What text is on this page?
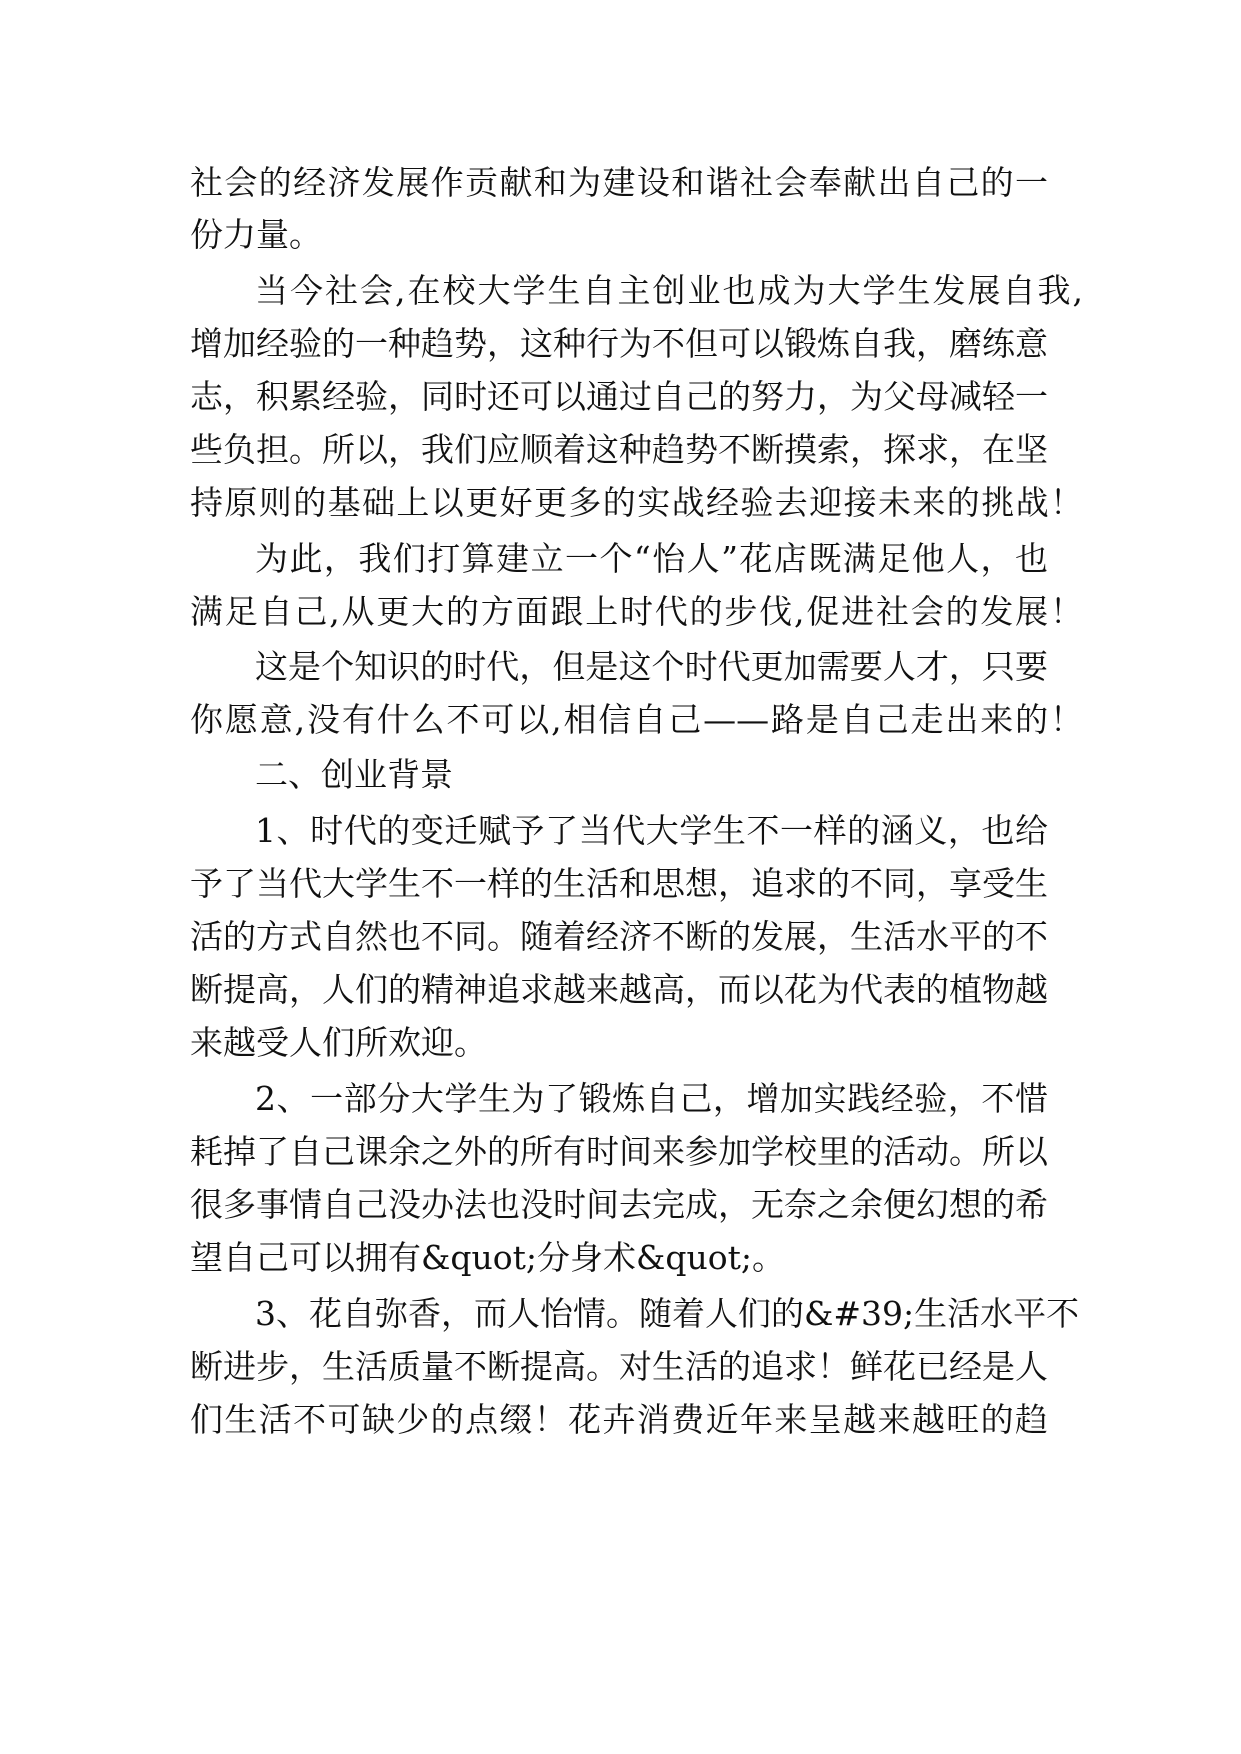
社会的经济发展作贡献和为建设和谐社会奉献出自己的一
份力量。
当今社会,在校大学生自主创业也成为大学生发展自我,
增加经验的一种趋势，这种行为不但可以锻炼自我，磨练意
志，积累经验，同时还可以通过自己的努力，为父母减轻一
些负担。所以，我们应顺着这种趋势不断摸索，探求，在坚
持原则的基础上以更好更多的实战经验去迎接未来的挑战！
为此，我们打算建立一个“怡人”花店既满足他人，也
满足自己,从更大的方面跟上时代的步伐,促进社会的发展！
这是个知识的时代，但是这个时代更加需要人才，只要
你愿意,没有什么不可以,相信自己——路是自己走出来的！
二、创业背景
1、时代的变迁赋予了当代大学生不一样的涵义，也给
予了当代大学生不一样的生活和思想，追求的不同，享受生
活的方式自然也不同。随着经济不断的发展，生活水平的不
断提高，人们的精神追求越来越高，而以花为代表的植物越
来越受人们所欢迎。
2、一部分大学生为了锻炼自己，增加实践经验，不惜
耗掉了自己课余之外的所有时间来参加学校里的活动。所以
很多事情自己没办法也没时间去完成，无奈之余便幻想的希
望自己可以拥有&quot;分身术&quot;。
3、花自弥香，而人怡情。随着人们的&#39;生活水平不
断进步，生活质量不断提高。对生活的追求！鲜花已经是人
们生活不可缺少的点缀！花卉消费近年来呈越来越旺的趋
